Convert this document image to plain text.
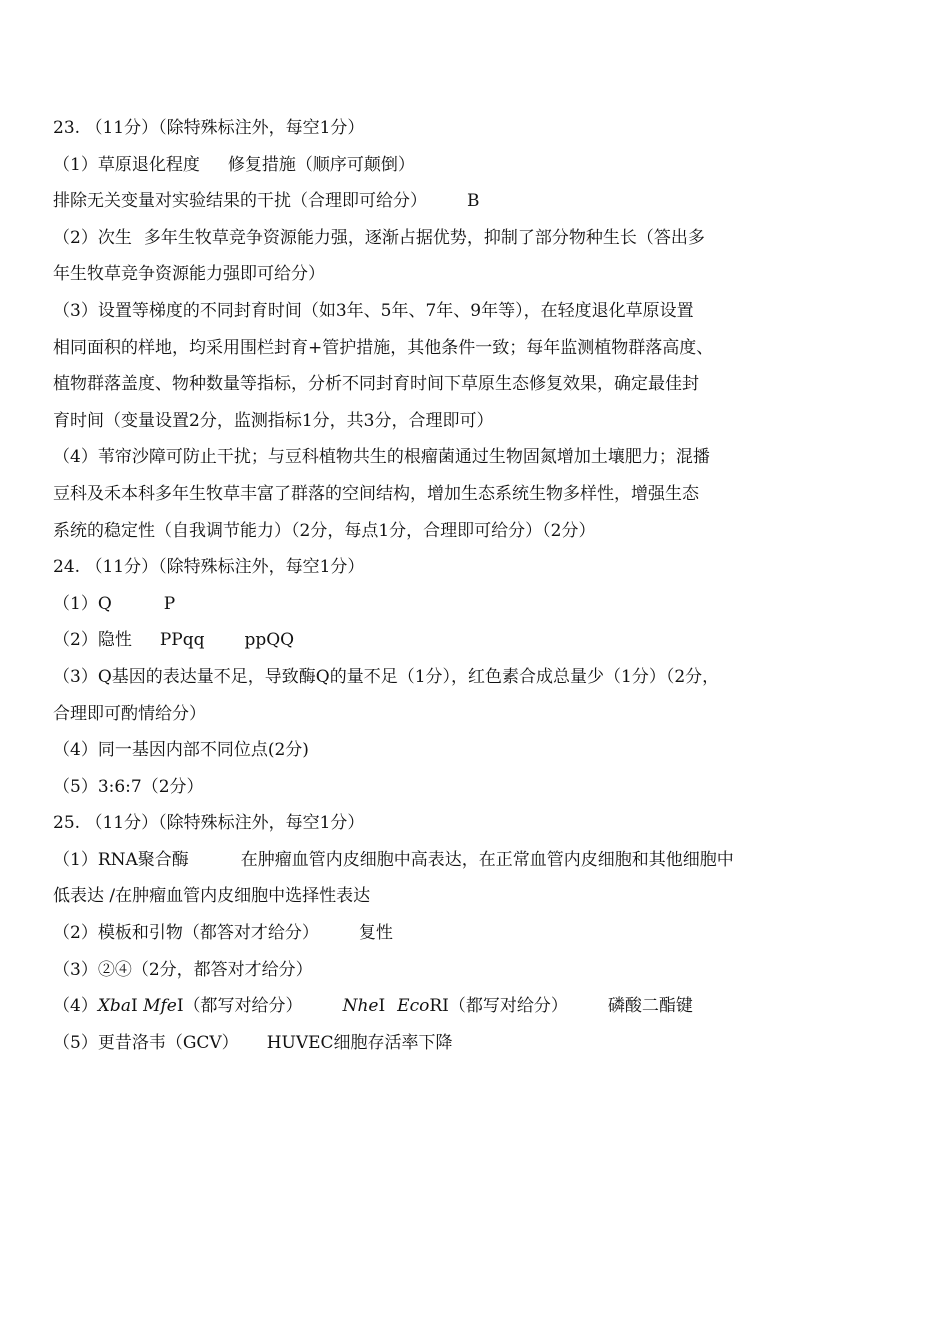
23. （11分）（除特殊标注外，每空1分）
（1）草原退化程度 修复措施（顺序可颠倒）
排除无关变量对实验结果的干扰（合理即可给分） B
（2）次生 多年生牧草竞争资源能力强，逐渐占据优势，抑制了部分物种生长（答出多
年生牧草竞争资源能力强即可给分）
（3）设置等梯度的不同封育时间（如3年、5年、7年、9年等），在轻度退化草原设置
相同面积的样地，均采用围栏封育+管护措施，其他条件一致；每年监测植物群落高度、
植物群落盖度、物种数量等指标，分析不同封育时间下草原生态修复效果，确定最佳封
育时间（变量设置2分，监测指标1分，共3分，合理即可）
（4）苇帘沙障可防止干扰；与豆科植物共生的根瘤菌通过生物固氮增加土壤肥力；混播
豆科及禾本科多年生牧草丰富了群落的空间结构，增加生态系统生物多样性，增强生态
系统的稳定性（自我调节能力）（2分，每点1分，合理即可给分）（2分）
24. （11分）（除特殊标注外，每空1分）
（1）Q	P
（2）隐性 PPqq ppQQ
（3）Q基因的表达量不足，导致酶Q的量不足（1分），红色素合成总量少（1分）（2分，
合理即可酌情给分）
（4）同一基因内部不同位点(2分)
（5）3:6:7（2分）
25. （11分）（除特殊标注外，每空1分）
（1）RNA聚合酶	在肿瘤血管内皮细胞中高表达，在正常血管内皮细胞和其他细胞中
低表达 /在肿瘤血管内皮细胞中选择性表达
（2）模板和引物（都答对才给分） 复性
（3）②④（2分，都答对才给分）
（4）XbaⅠ MfeⅠ（都写对给分） NheⅠ EcoRⅠ（都写对给分） 磷酸二酯键
（5）更昔洛韦（GCV） HUVEC细胞存活率下降
